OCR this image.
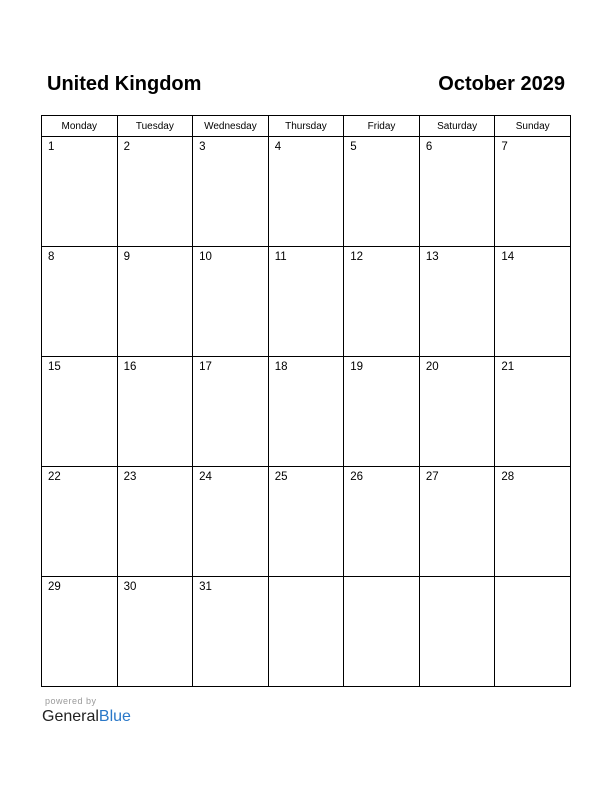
United Kingdom	October 2029
Monday	Tuesday	Wednesday	Thursday	Friday	Saturday	Sunday

1	2	3	4	5	6	7

8	9	10	11	12	13	14

15	16	17	18	19	20	21

22	23	24	25	26	27	28

29	30	31				

powered by
GeneralBlue
